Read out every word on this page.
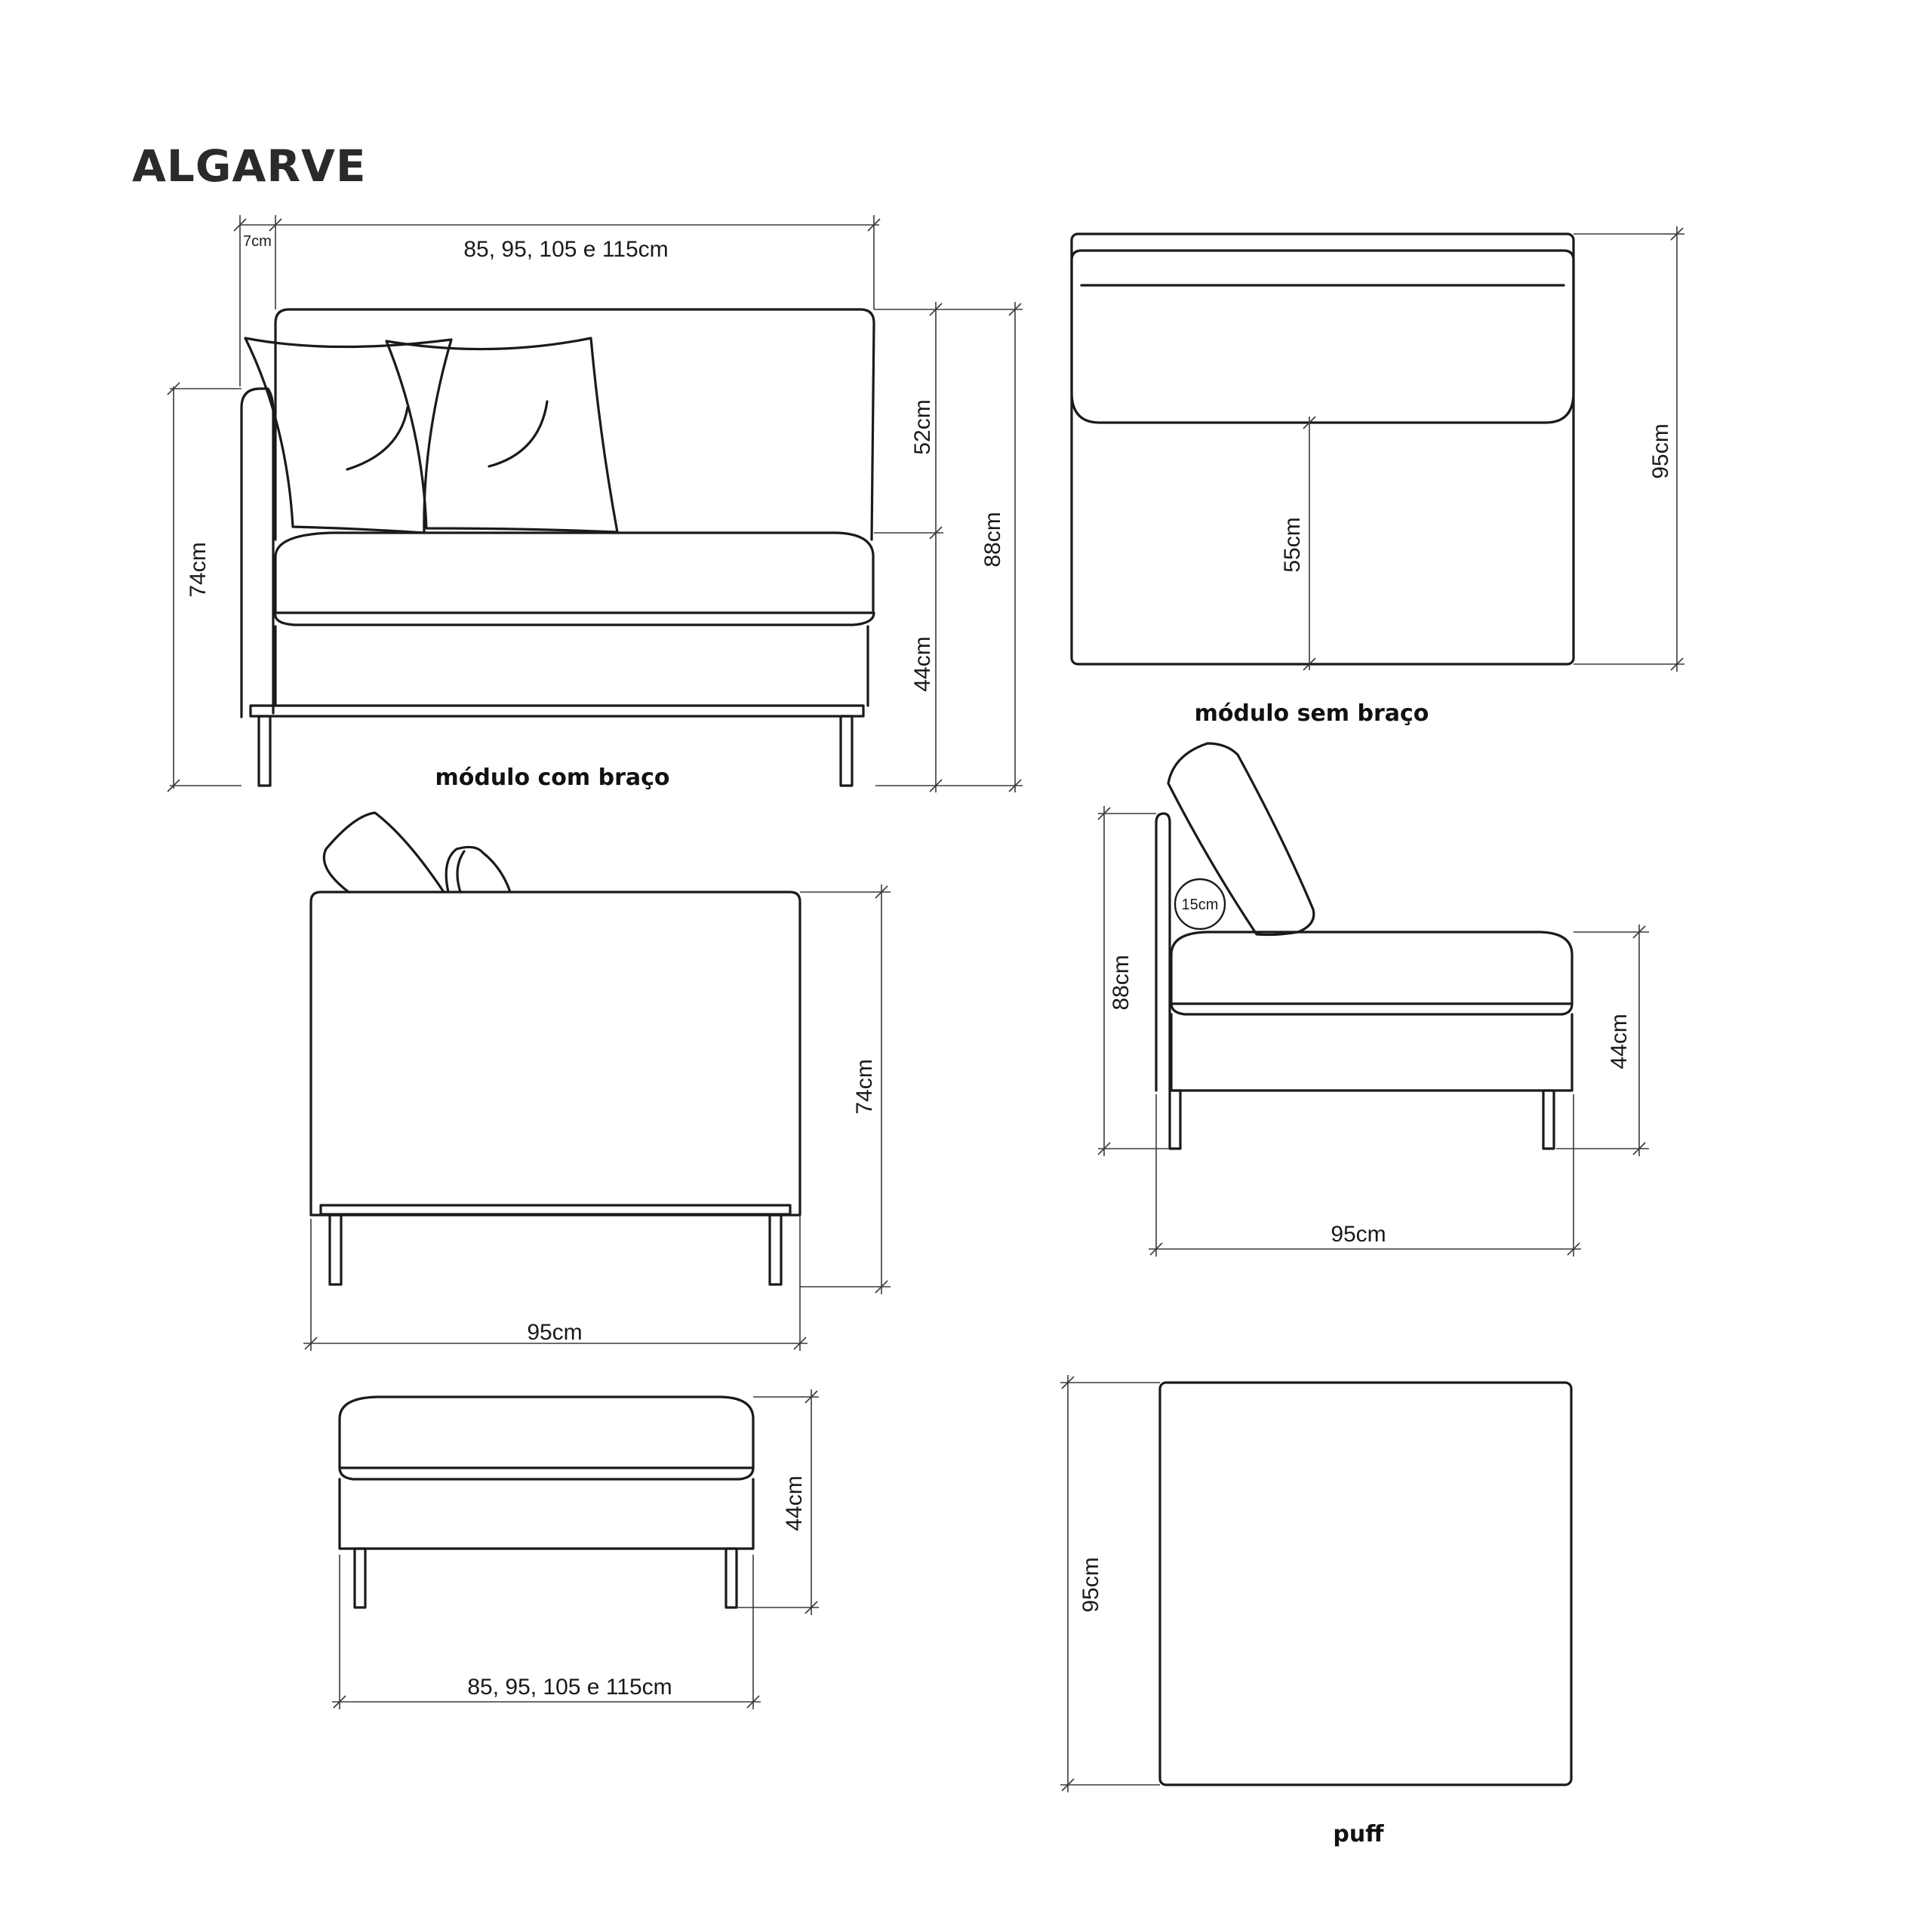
ALGARVE
7cm	85, 95, 105 e 115cm
74cm
52cm
44cm
88cm
módulo com braço
95cm
55cm
módulo sem braço
74cm
95cm
15cm
88cm
44cm
95cm
44cm
85, 95, 105 e 115cm
95cm
puff
